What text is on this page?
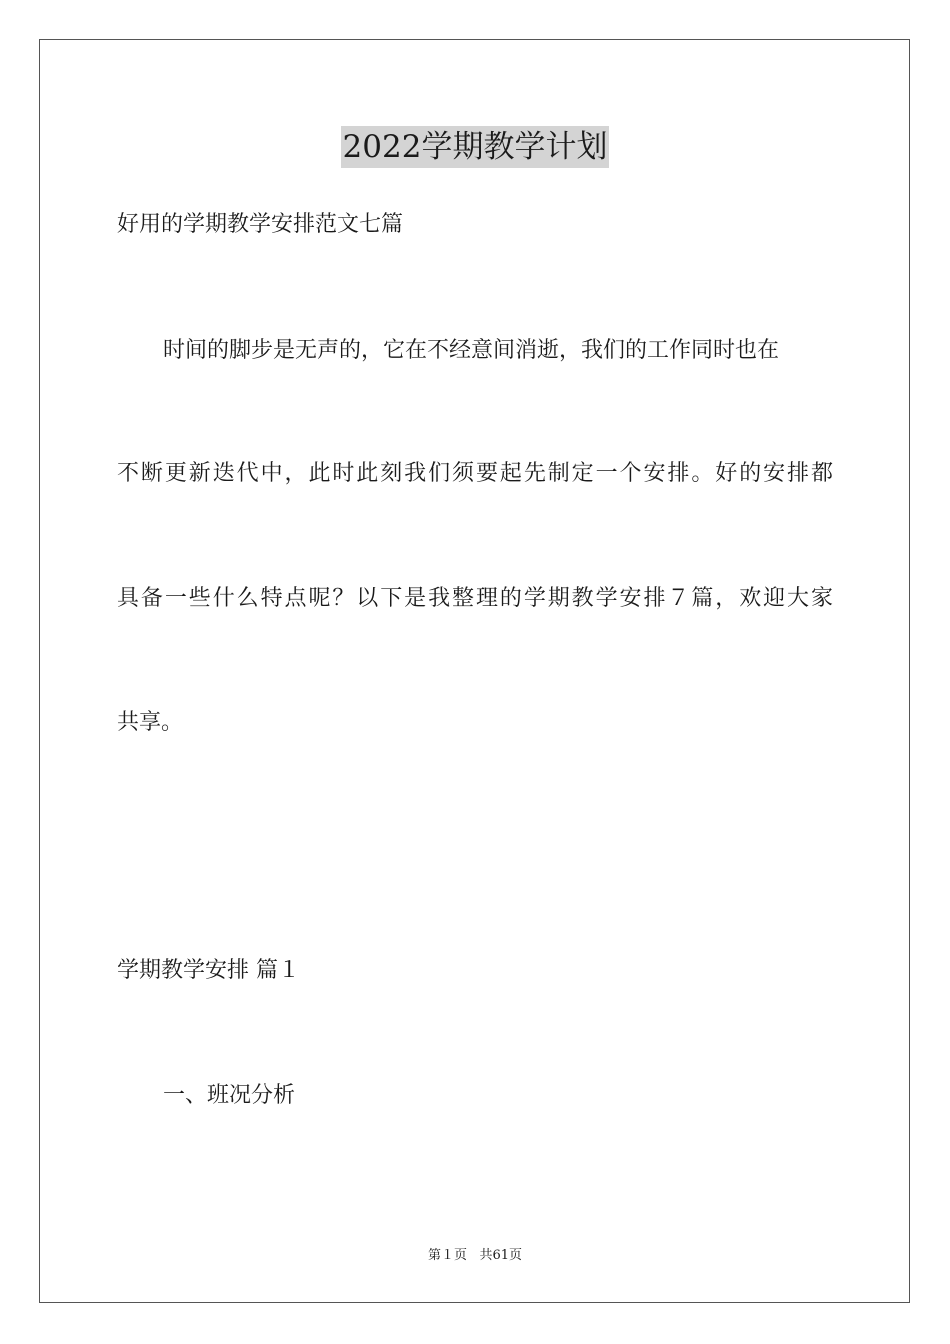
2022学期教学计划
好用的学期教学安排范文七篇
时间的脚步是无声的，它在不经意间消逝，我们的工作同时也在
不断更新迭代中，此时此刻我们须要起先制定一个安排。好的安排都
具备一些什么特点呢？以下是我整理的学期教学安排７篇，欢迎大家
共享。
学期教学安排 篇１
一、班况分析
第１页 共61页
